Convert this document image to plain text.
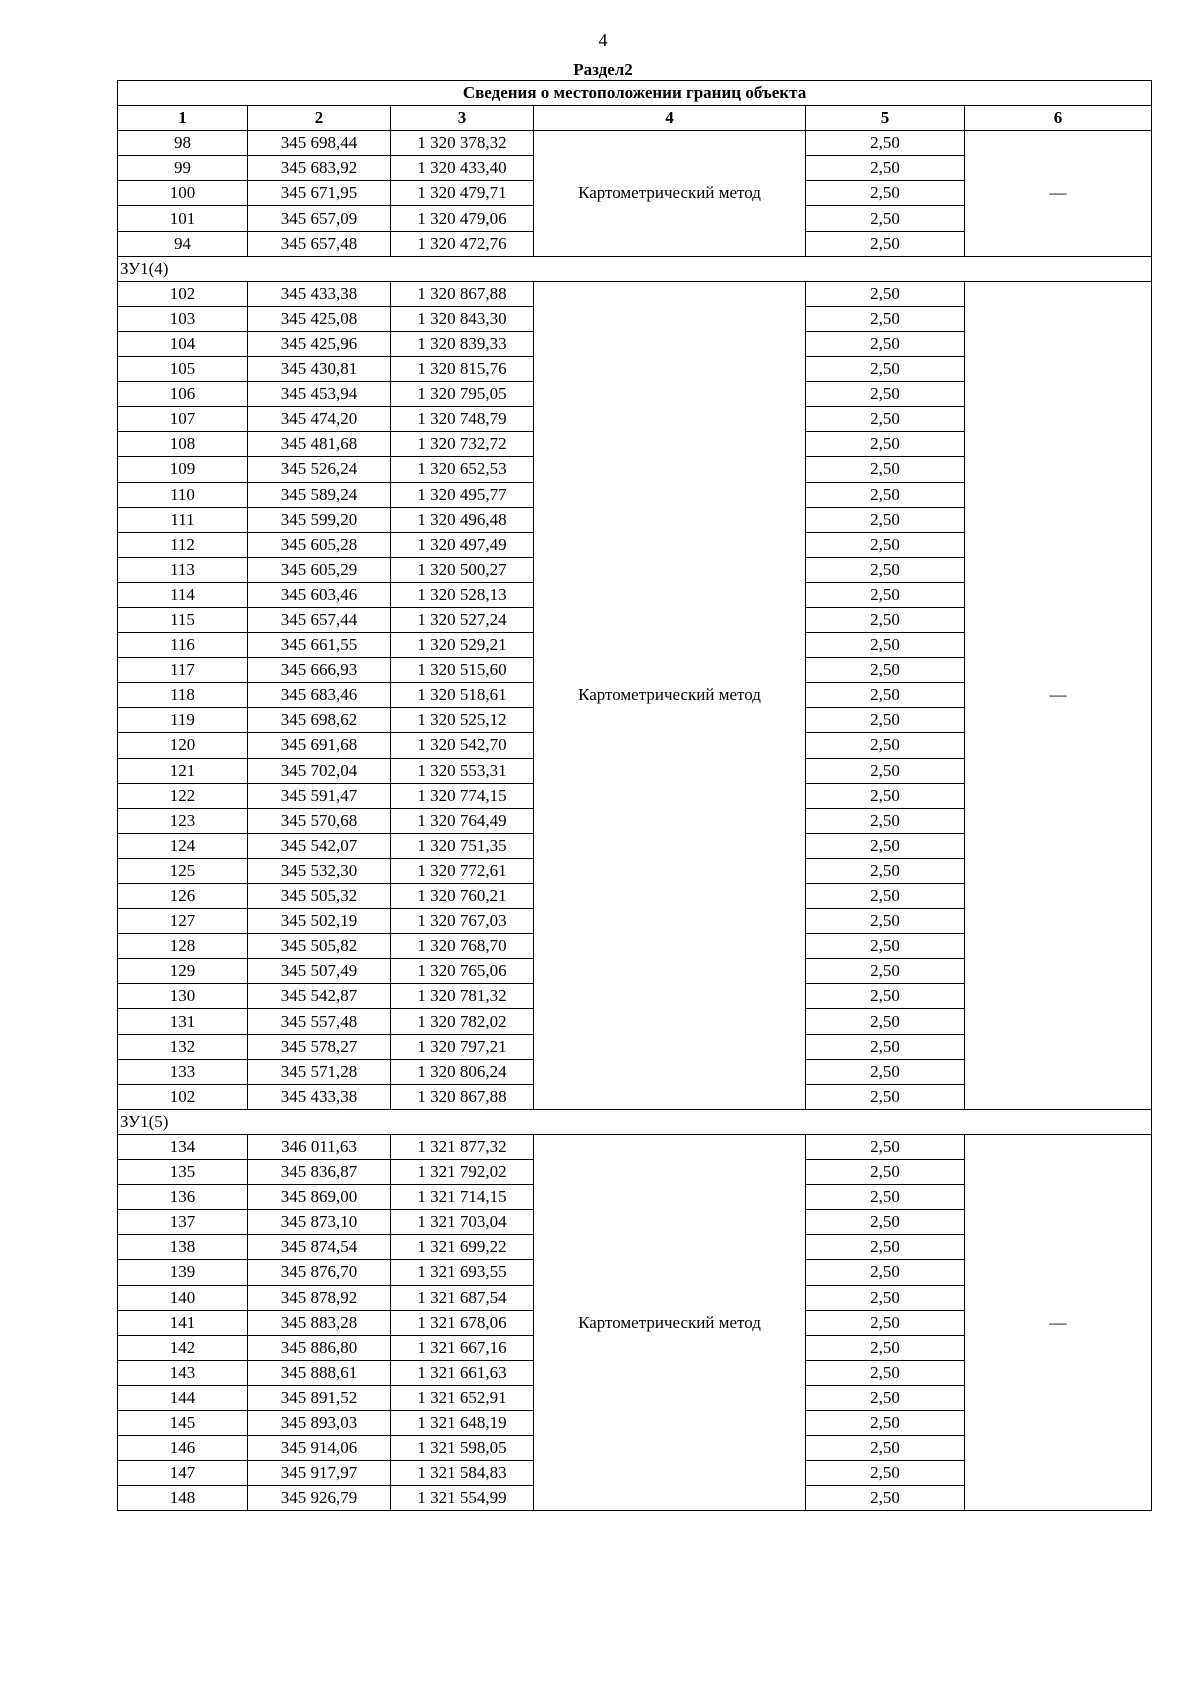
4
Раздел2
Сведения о местоположении границ объекта					
1	2	3	4	5	6
98	345 698,44	1 320 378,32	Картометрический метод	2,50	—
99	345 683,92	1 320 433,40		2,50	
100	345 671,95	1 320 479,71		2,50	
101	345 657,09	1 320 479,06		2,50	
94	345 657,48	1 320 472,76		2,50	
ЗУ1(4)					
102	345 433,38	1 320 867,88	Картометрический метод	2,50	—
103	345 425,08	1 320 843,30		2,50	
104	345 425,96	1 320 839,33		2,50	
105	345 430,81	1 320 815,76		2,50	
106	345 453,94	1 320 795,05		2,50	
107	345 474,20	1 320 748,79		2,50	
108	345 481,68	1 320 732,72		2,50	
109	345 526,24	1 320 652,53		2,50	
110	345 589,24	1 320 495,77		2,50	
111	345 599,20	1 320 496,48		2,50	
112	345 605,28	1 320 497,49		2,50	
113	345 605,29	1 320 500,27		2,50	
114	345 603,46	1 320 528,13		2,50	
115	345 657,44	1 320 527,24		2,50	
116	345 661,55	1 320 529,21		2,50	
117	345 666,93	1 320 515,60		2,50	
118	345 683,46	1 320 518,61		2,50	
119	345 698,62	1 320 525,12		2,50	
120	345 691,68	1 320 542,70		2,50	
121	345 702,04	1 320 553,31		2,50	
122	345 591,47	1 320 774,15		2,50	
123	345 570,68	1 320 764,49		2,50	
124	345 542,07	1 320 751,35		2,50	
125	345 532,30	1 320 772,61		2,50	
126	345 505,32	1 320 760,21		2,50	
127	345 502,19	1 320 767,03		2,50	
128	345 505,82	1 320 768,70		2,50	
129	345 507,49	1 320 765,06		2,50	
130	345 542,87	1 320 781,32		2,50	
131	345 557,48	1 320 782,02		2,50	
132	345 578,27	1 320 797,21		2,50	
133	345 571,28	1 320 806,24		2,50	
102	345 433,38	1 320 867,88		2,50	
ЗУ1(5)					
134	346 011,63	1 321 877,32	Картометрический метод	2,50	—
135	345 836,87	1 321 792,02		2,50	
136	345 869,00	1 321 714,15		2,50	
137	345 873,10	1 321 703,04		2,50	
138	345 874,54	1 321 699,22		2,50	
139	345 876,70	1 321 693,55		2,50	
140	345 878,92	1 321 687,54		2,50	
141	345 883,28	1 321 678,06		2,50	
142	345 886,80	1 321 667,16		2,50	
143	345 888,61	1 321 661,63		2,50	
144	345 891,52	1 321 652,91		2,50	
145	345 893,03	1 321 648,19		2,50	
146	345 914,06	1 321 598,05		2,50	
147	345 917,97	1 321 584,83		2,50	
148	345 926,79	1 321 554,99		2,50	
